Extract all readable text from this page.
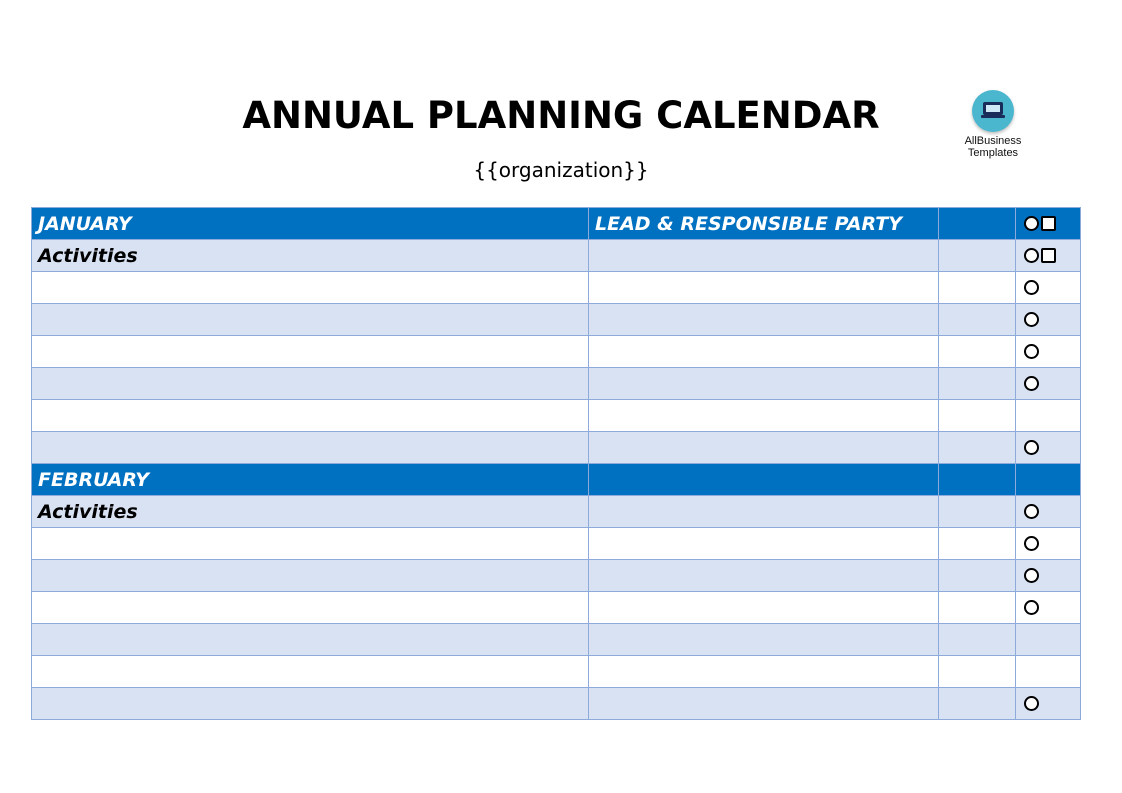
ANNUAL PLANNING CALENDAR
{{organization}}
AllBusiness
Templates
JANUARY	LEAD & RESPONSIBLE PARTY		

Activities			

FEBRUARY			

Activities			
